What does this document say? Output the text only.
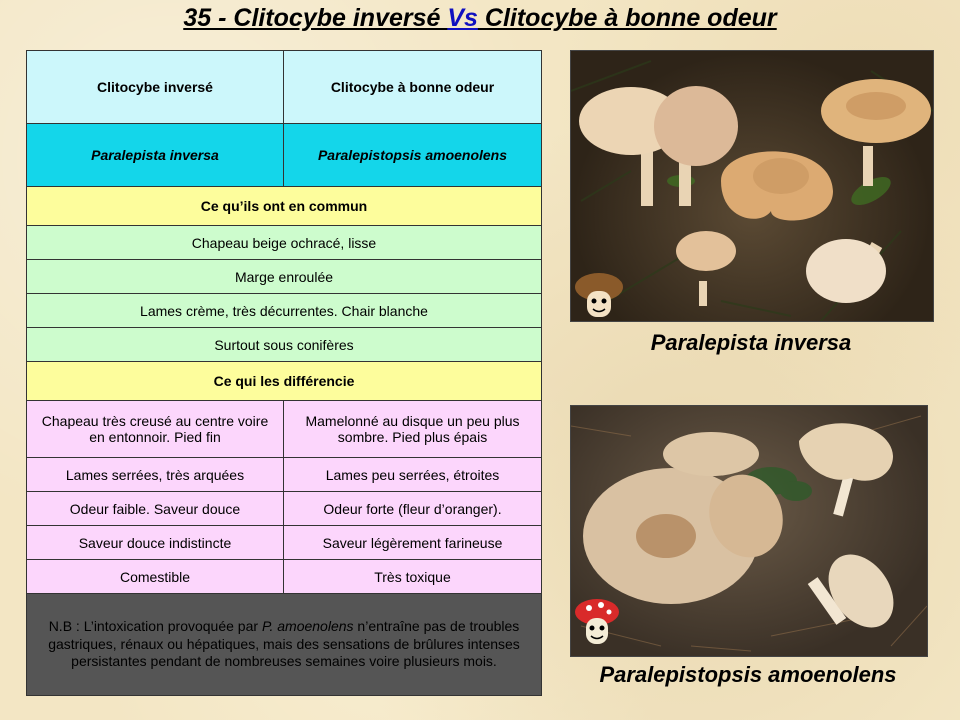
35 - Clitocybe inversé Vs Clitocybe à bonne odeur
Clitocybe inversé	Clitocybe à bonne odeur
Paralepista inversa	Paralepistopsis amoenolens
Ce qu’ils ont en commun	
Chapeau beige ochracé, lisse	
Marge enroulée	
Lames crème, très décurrentes. Chair blanche	
Surtout sous conifères	
Ce qui les différencie	
Chapeau très creusé au centre voire en entonnoir. Pied fin	Mamelonné au disque un peu plus sombre. Pied plus épais
Lames serrées, très arquées	Lames peu serrées, étroites
Odeur faible. Saveur douce	Odeur forte (fleur d’oranger).
Saveur douce indistincte	Saveur légèrement farineuse
Comestible	Très toxique
N.B : L’intoxication provoquée par P. amoenolens n’entraîne pas de troubles gastriques, rénaux ou hépatiques, mais des sensations de brûlures intenses persistantes pendant de nombreuses semaines voire plusieurs mois.	
Paralepista inversa
Paralepistopsis amoenolens
